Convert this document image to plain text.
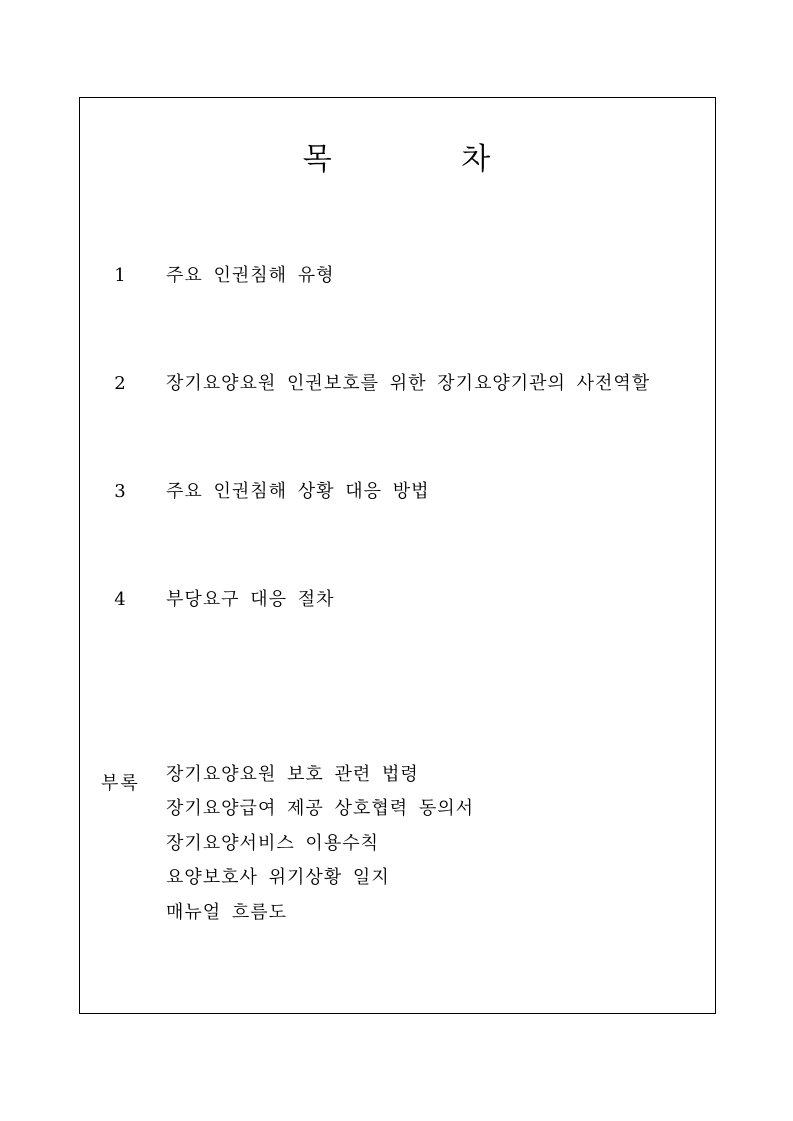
목 차
1 주요 인권침해 유형
2 장기요양요원 인권보호를 위한 장기요양기관의 사전역할
3 주요 인권침해 상황 대응 방법
4 부당요구 대응 절차
부록 장기요양요원 보호 관련 법령
장기요양급여 제공 상호협력 동의서
장기요양서비스 이용수칙
요양보호사 위기상황 일지
매뉴얼 흐름도
